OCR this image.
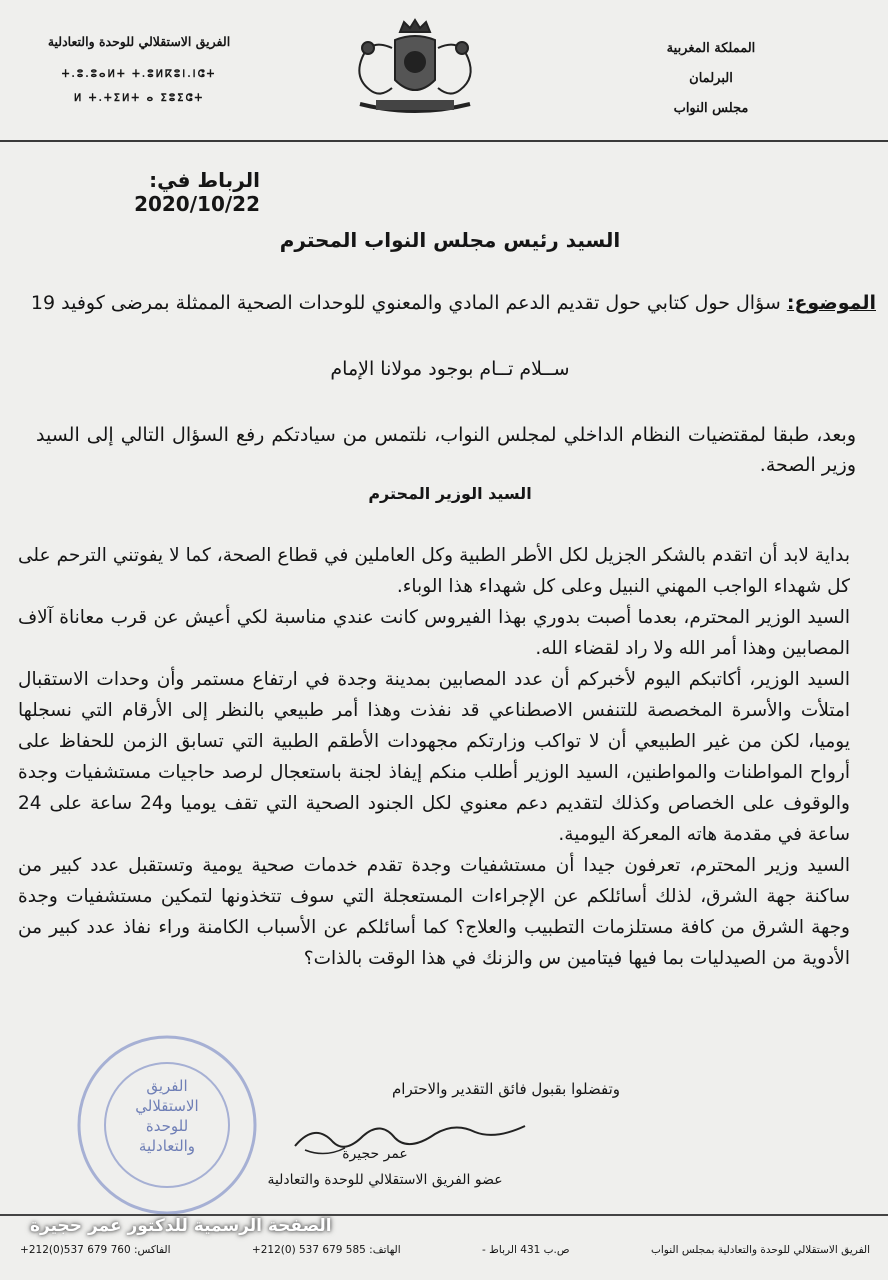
المملكة المغربية
البرلمان
مجلس النواب
الفريق الاستقلالي للوحدة والتعادلية
ⵜ.ⵓ.ⵓⴰⵍⵜ ⵜ.ⵓⵍⴽⵓⵏ.ⵏⵛⵜ
ⵍ ⵜ.ⵜⵉⵍⵜ ⴰ ⵉⵓⵉⵛⵜ
الرباط في: 2020/10/22
السيد رئيس مجلس النواب المحترم
الموضوع: سؤال حول كتابي حول تقديم الدعم المادي والمعنوي للوحدات الصحية الممثلة بمرضى كوفيد 19
ســلام تــام بوجود مولانا الإمام
وبعد، طبقا لمقتضيات النظام الداخلي لمجلس النواب، نلتمس من سيادتكم رفع السؤال التالي إلى السيد وزير الصحة.
السيد الوزير المحترم

بداية لابد أن اتقدم بالشكر الجزيل لكل الأطر الطبية وكل العاملين في قطاع الصحة، كما لا يفوتني الترحم على كل شهداء الواجب المهني النبيل وعلى كل شهداء هذا الوباء.

السيد الوزير المحترم، بعدما أصبت بدوري بهذا الفيروس كانت عندي مناسبة لكي أعيش عن قرب معاناة آلاف المصابين وهذا أمر الله ولا راد لقضاء الله.

السيد الوزير، أكاتبكم اليوم لأخبركم أن عدد المصابين بمدينة وجدة في ارتفاع مستمر وأن وحدات الاستقبال امتلأت والأسرة المخصصة للتنفس الاصطناعي قد نفذت وهذا أمر طبيعي بالنظر إلى الأرقام التي نسجلها يوميا، لكن من غير الطبيعي أن لا تواكب وزارتكم مجهودات الأطقم الطبية التي تسابق الزمن للحفاظ على أرواح المواطنات والمواطنين، السيد الوزير أطلب منكم إيفاذ لجنة باستعجال لرصد حاجيات مستشفيات وجدة والوقوف على الخصاص وكذلك لتقديم دعم معنوي لكل الجنود الصحية التي تقف يوميا و24 ساعة على 24 ساعة في مقدمة هاته المعركة اليومية.

السيد وزير المحترم، تعرفون جيدا أن مستشفيات وجدة تقدم خدمات صحية يومية وتستقبل عدد كبير من ساكنة جهة الشرق، لذلك أسائلكم عن الإجراءات المستعجلة التي سوف تتخذونها لتمكين مستشفيات وجدة وجهة الشرق من كافة مستلزمات التطبيب والعلاج؟ كما أسائلكم عن الأسباب الكامنة وراء نفاذ عدد كبير من الأدوية من الصيدليات بما فيها فيتامين س والزنك في هذا الوقت بالذات؟

وتفضلوا بقبول فائق التقدير والاحترام
عمر حجيرة
عضو الفريق الاستقلالي للوحدة والتعادلية
الفريق الاستقلالي للوحدة والتعادلية
الصفحة الرسمية للدكتور عمر حجيرة
الفريق الاستقلالي للوحدة والتعادلية بمجلس النواب
ص.ب 431 الرباط -
الهاتف: 585 679 537 (0)212+
الفاكس: 760 679 537(0)212+
